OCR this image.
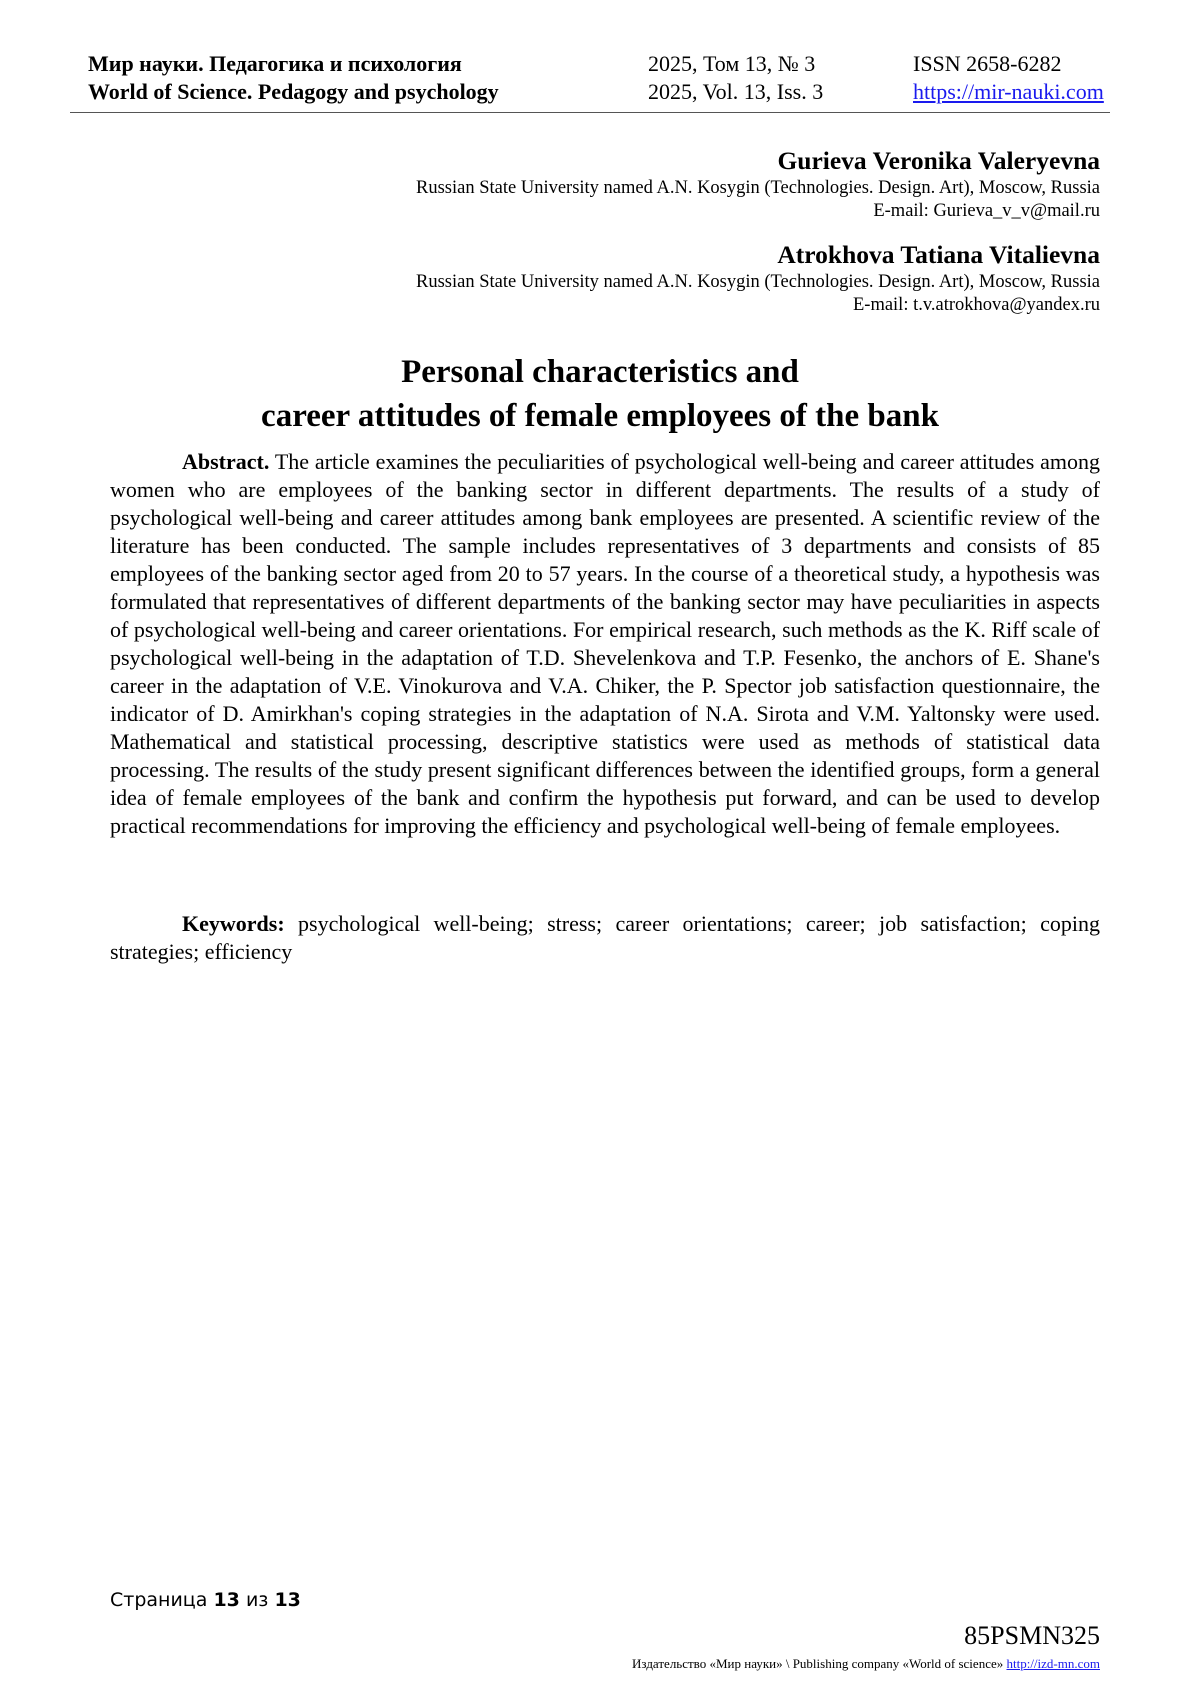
Мир науки. Педагогика и психология
World of Science. Pedagogy and psychology
2025, Том 13, № 3
2025, Vol. 13, Iss. 3
ISSN 2658-6282
https://mir-nauki.com
Gurieva Veronika Valeryevna
Russian State University named A.N. Kosygin (Technologies. Design. Art), Moscow, Russia
E-mail: Gurieva_v_v@mail.ru
Atrokhova Tatiana Vitalievna
Russian State University named A.N. Kosygin (Technologies. Design. Art), Moscow, Russia
E-mail: t.v.atrokhova@yandex.ru
Personal characteristics and
career attitudes of female employees of the bank

Abstract. The article examines the peculiarities of psychological well-being and career attitudes among women who are employees of the banking sector in different departments. The results of a study of psychological well-being and career attitudes among bank employees are presented. A scientific review of the literature has been conducted. The sample includes representatives of 3 departments and consists of 85 employees of the banking sector aged from 20 to 57 years. In the course of a theoretical study, a hypothesis was formulated that representatives of different departments of the banking sector may have peculiarities in aspects of psychological well-being and career orientations. For empirical research, such methods as the K. Riff scale of psychological well-being in the adaptation of T.D. Shevelenkova and T.P. Fesenko, the anchors of E. Shane's career in the adaptation of V.E. Vinokurova and V.A. Chiker, the P. Spector job satisfaction questionnaire, the indicator of D. Amirkhan's coping strategies in the adaptation of N.A. Sirota and V.M. Yaltonsky were used. Mathematical and statistical processing, descriptive statistics were used as methods of statistical data processing. The results of the study present significant differences between the identified groups, form a general idea of female employees of the bank and confirm the hypothesis put forward, and can be used to develop practical recommendations for improving the efficiency and psychological well-being of female employees.

Keywords: psychological well-being; stress; career orientations; career; job satisfaction; coping strategies; efficiency

Страница 13 из 13
85PSMN325
Издательство «Мир науки» \ Publishing company «World of science» http://izd-mn.com
